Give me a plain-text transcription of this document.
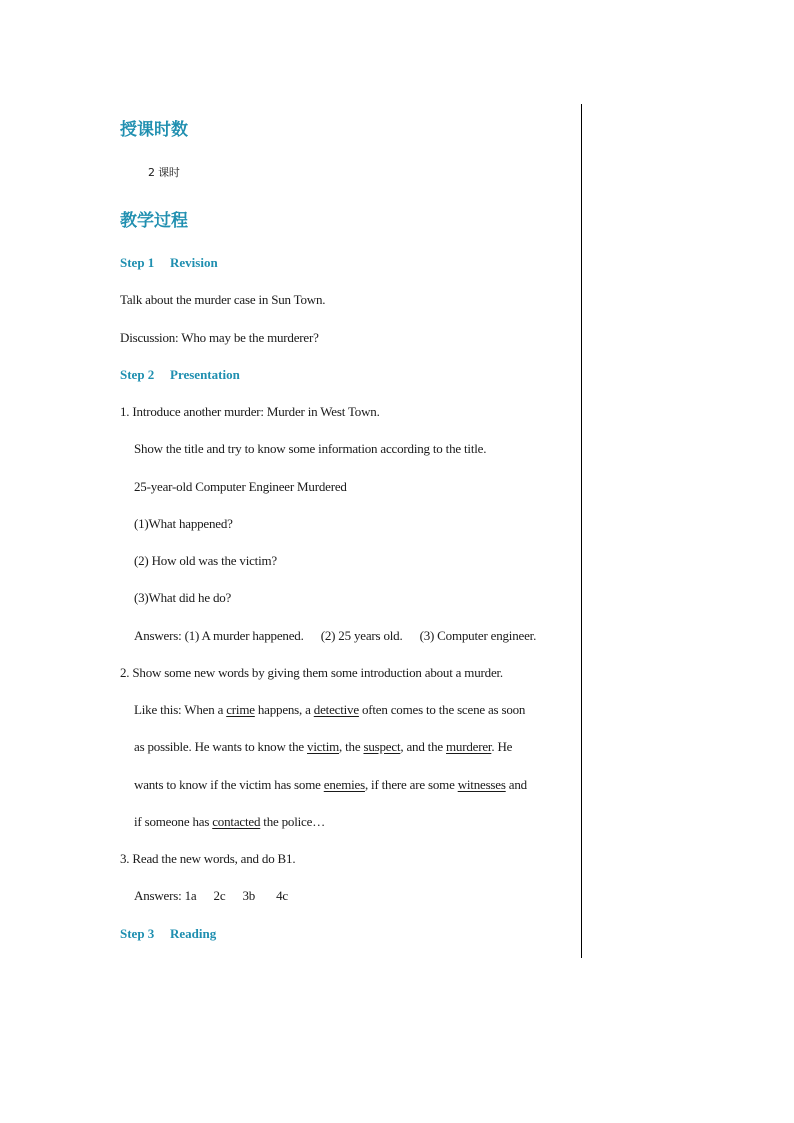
授课时数
2 课时
教学过程
Step 1 Revision
Talk about the murder case in Sun Town.
Discussion: Who may be the murderer?
Step 2 Presentation
1. Introduce another murder: Murder in West Town.
Show the title and try to know some information according to the title.
25-year-old Computer Engineer Murdered
(1)What happened?
(2) How old was the victim?
(3)What did he do?
Answers: (1) A murder happened. (2) 25 years old. (3) Computer engineer.
2. Show some new words by giving them some introduction about a murder.
Like this: When a crime happens, a detective often comes to the scene as soon
as possible. He wants to know the victim, the suspect, and the murderer. He
wants to know if the victim has some enemies, if there are some witnesses and
if someone has contacted the police…
3. Read the new words, and do B1.
Answers: 1a 2c 3b 4c
Step 3 Reading
